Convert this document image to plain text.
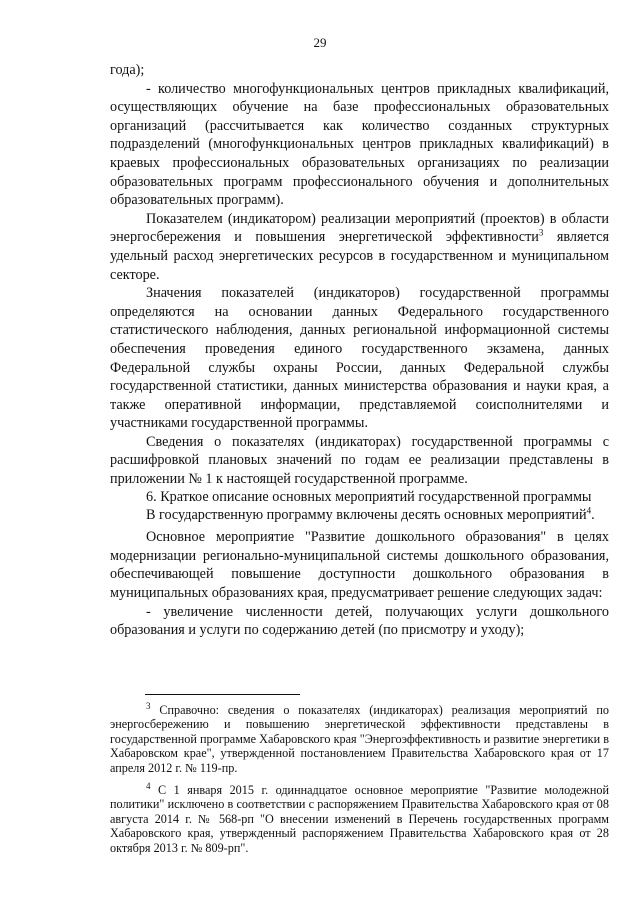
29

года);

- количество многофункциональных центров прикладных квалификаций, осуществляющих обучение на базе профессиональных образовательных организаций (рассчитывается как количество созданных структурных подразделений (многофункциональных центров прикладных квалификаций) в краевых профессиональных образовательных организациях по реализации образовательных программ профессионального обучения и дополнительных образовательных программ).

Показателем (индикатором) реализации мероприятий (проектов) в области энергосбережения и повышения энергетической эффективности$^3$ является удельный расход энергетических ресурсов в государственном и муниципальном секторе.

Значения показателей (индикаторов) государственной программы определяются на основании данных Федерального государственного статистического наблюдения, данных региональной информационной системы обеспечения проведения единого государственного экзамена, данных Федеральной службы охраны России, данных Федеральной службы государственной статистики, данных министерства образования и науки края, а также оперативной информации, представляемой соисполнителями и участниками государственной программы.

Сведения о показателях (индикаторах) государственной программы с расшифровкой плановых значений по годам ее реализации представлены в приложении № 1 к настоящей государственной программе.

6. Краткое описание основных мероприятий государственной программы

В государственную программу включены десять основных мероприятий$^4$.

Основное мероприятие "Развитие дошкольного образования" в целях модернизации регионально-муниципальной системы дошкольного образования, обеспечивающей повышение доступности дошкольного образования в муниципальных образованиях края, предусматривает решение следующих задач:

- увеличение численности детей, получающих услуги дошкольного образования и услуги по содержанию детей (по присмотру и уходу);

$^3$ Справочно: сведения о показателях (индикаторах) реализация мероприятий по энергосбережению и повышению энергетической эффективности представлены в государственной программе Хабаровского края "Энергоэффективность и развитие энергетики в Хабаровском крае", утвержденной постановлением Правительства Хабаровского края от 17 апреля 2012 г. № 119-пр.

$^4$ С 1 января 2015 г. одиннадцатое основное мероприятие "Развитие молодежной политики" исключено в соответствии с распоряжением Правительства Хабаровского края от 08 августа 2014 г. № 568-рп "О внесении изменений в Перечень государственных программ Хабаровского края, утвержденный распоряжением Правительства Хабаровского края от 28 октября 2013 г. № 809-рп".
